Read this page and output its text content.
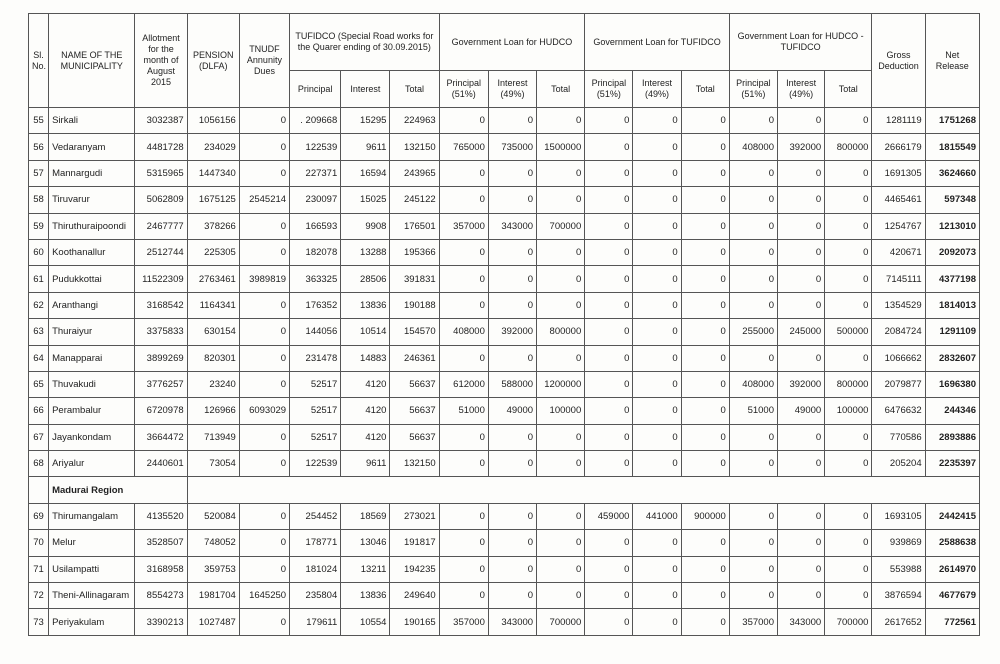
Sl. No.	NAME OF THE MUNICIPALITY	Allotment for the month of August 2015	PENSION (DLFA)	TNUDF Annunity Dues	TUFIDCO (Special Road works for the Quarer ending of 30.09.2015)			Government Loan for HUDCO			Government Loan for TUFIDCO			Government Loan for HUDCO - TUFIDCO			Gross Deduction	Net Release
					Principal	Interest	Total	Principal (51%)	Interest (49%)	Total	Principal (51%)	Interest (49%)	Total	Principal (51%)	Interest (49%)	Total		
55	Sirkali	3032387	1056156	0	. 209668	15295	224963	0	0	0	0	0	0	0	0	0	1281119	1751268
56	Vedaranyam	4481728	234029	0	122539	9611	132150	765000	735000	1500000	0	0	0	408000	392000	800000	2666179	1815549
57	Mannargudi	5315965	1447340	0	227371	16594	243965	0	0	0	0	0	0	0	0	0	1691305	3624660
58	Tiruvarur	5062809	1675125	2545214	230097	15025	245122	0	0	0	0	0	0	0	0	0	4465461	597348
59	Thiruthuraipoondi	2467777	378266	0	166593	9908	176501	357000	343000	700000	0	0	0	0	0	0	1254767	1213010
60	Koothanallur	2512744	225305	0	182078	13288	195366	0	0	0	0	0	0	0	0	0	420671	2092073
61	Pudukkottai	11522309	2763461	3989819	363325	28506	391831	0	0	0	0	0	0	0	0	0	7145111	4377198
62	Aranthangi	3168542	1164341	0	176352	13836	190188	0	0	0	0	0	0	0	0	0	1354529	1814013
63	Thuraiyur	3375833	630154	0	144056	10514	154570	408000	392000	800000	0	0	0	255000	245000	500000	2084724	1291109
64	Manapparai	3899269	820301	0	231478	14883	246361	0	0	0	0	0	0	0	0	0	1066662	2832607
65	Thuvakudi	3776257	23240	0	52517	4120	56637	612000	588000	1200000	0	0	0	408000	392000	800000	2079877	1696380
66	Perambalur	6720978	126966	6093029	52517	4120	56637	51000	49000	100000	0	0	0	51000	49000	100000	6476632	244346
67	Jayankondam	3664472	713949	0	52517	4120	56637	0	0	0	0	0	0	0	0	0	770586	2893886
68	Ariyalur	2440601	73054	0	122539	9611	132150	0	0	0	0	0	0	0	0	0	205204	2235397
	Madurai Region																	
69	Thirumangalam	4135520	520084	0	254452	18569	273021	0	0	0	459000	441000	900000	0	0	0	1693105	2442415
70	Melur	3528507	748052	0	178771	13046	191817	0	0	0	0	0	0	0	0	0	939869	2588638
71	Usilampatti	3168958	359753	0	181024	13211	194235	0	0	0	0	0	0	0	0	0	553988	2614970
72	Theni-Allinagaram	8554273	1981704	1645250	235804	13836	249640	0	0	0	0	0	0	0	0	0	3876594	4677679
73	Periyakulam	3390213	1027487	0	179611	10554	190165	357000	343000	700000	0	0	0	357000	343000	700000	2617652	772561
